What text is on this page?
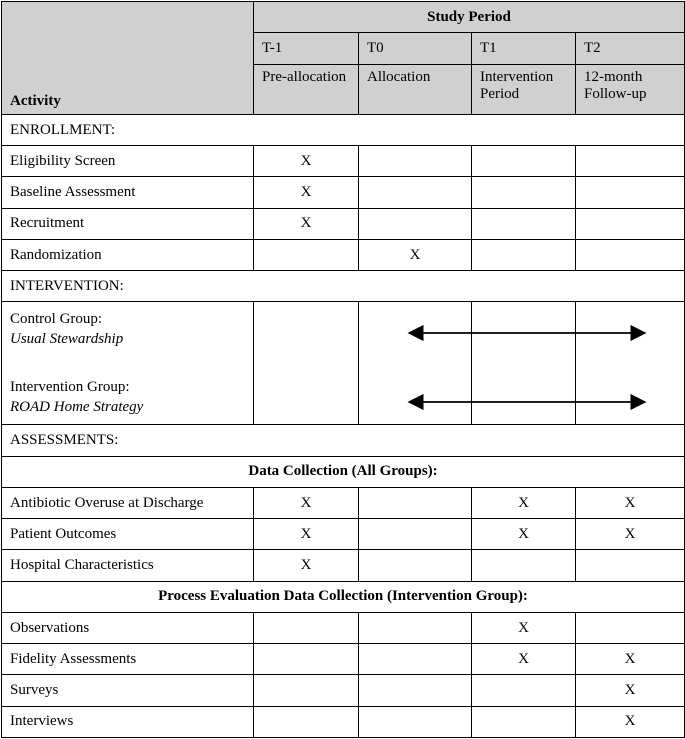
Activity	Study Period			
	T-1	T0	T1	T2
	Pre-allocation	Allocation	Intervention Period	12-month Follow-up
ENROLLMENT:				
Eligibility Screen	X			
Baseline Assessment	X			
Recruitment	X			
Randomization		X		
INTERVENTION:				

Control Group:
Usual Stewardship
Intervention Group:
ROAD Home Strategy				

ASSESSMENTS:				
Data Collection (All Groups):				
Antibiotic Overuse at Discharge	X		X	X
Patient Outcomes	X		X	X
Hospital Characteristics	X			
Process Evaluation Data Collection (Intervention Group):				
Observations			X	
Fidelity Assessments			X	X
Surveys				X
Interviews				X
